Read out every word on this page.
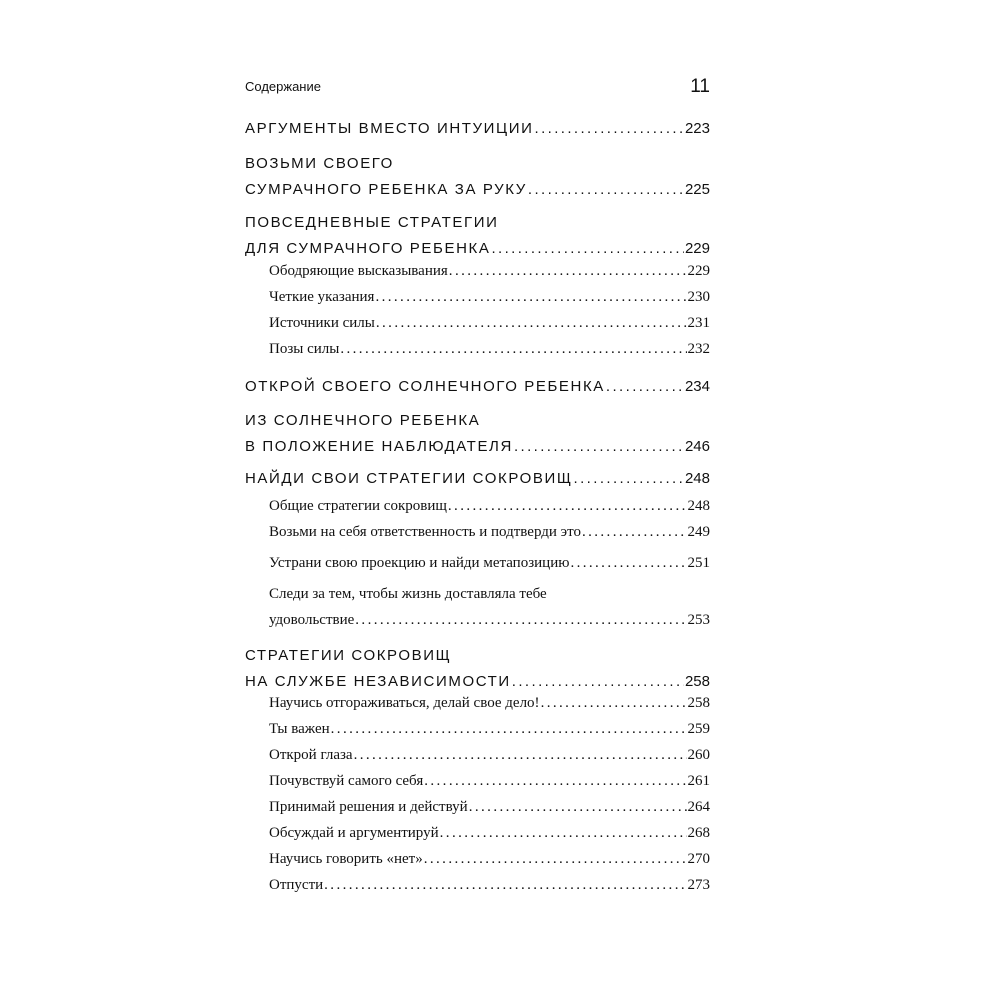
Содержание	11
АРГУМЕНТЫ ВМЕСТО ИНТУИЦИИ .....	223
ВОЗЬМИ СВОЕГО
СУМРАЧНОГО РЕБЕНКА ЗА РУКУ .....	225
ПОВСЕДНЕВНЫЕ СТРАТЕГИИ
ДЛЯ СУМРАЧНОГО РЕБЕНКА .....	229
Ободряющие высказывания .....	229
Четкие указания .....	230
Источники силы .....	231
Позы силы .....	232
ОТКРОЙ СВОЕГО СОЛНЕЧНОГО РЕБЕНКА .....	234
ИЗ СОЛНЕЧНОГО РЕБЕНКА
В ПОЛОЖЕНИЕ НАБЛЮДАТЕЛЯ .....	246
НАЙДИ СВОИ СТРАТЕГИИ СОКРОВИЩ .....	248
Общие стратегии сокровищ .....	248
Возьми на себя ответственность и подтверди это .....	249
Устрани свою проекцию и найди метапозицию .....	251
Следи за тем, чтобы жизнь доставляла тебе
удовольствие .....	253
СТРАТЕГИИ СОКРОВИЩ
НА СЛУЖБЕ НЕЗАВИСИМОСТИ .....	258
Научись отгораживаться, делай свое дело! .....	258
Ты важен .....	259
Открой глаза .....	260
Почувствуй самого себя .....	261
Принимай решения и действуй .....	264
Обсуждай и аргументируй .....	268
Научись говорить «нет» .....	270
Отпусти .....	273
